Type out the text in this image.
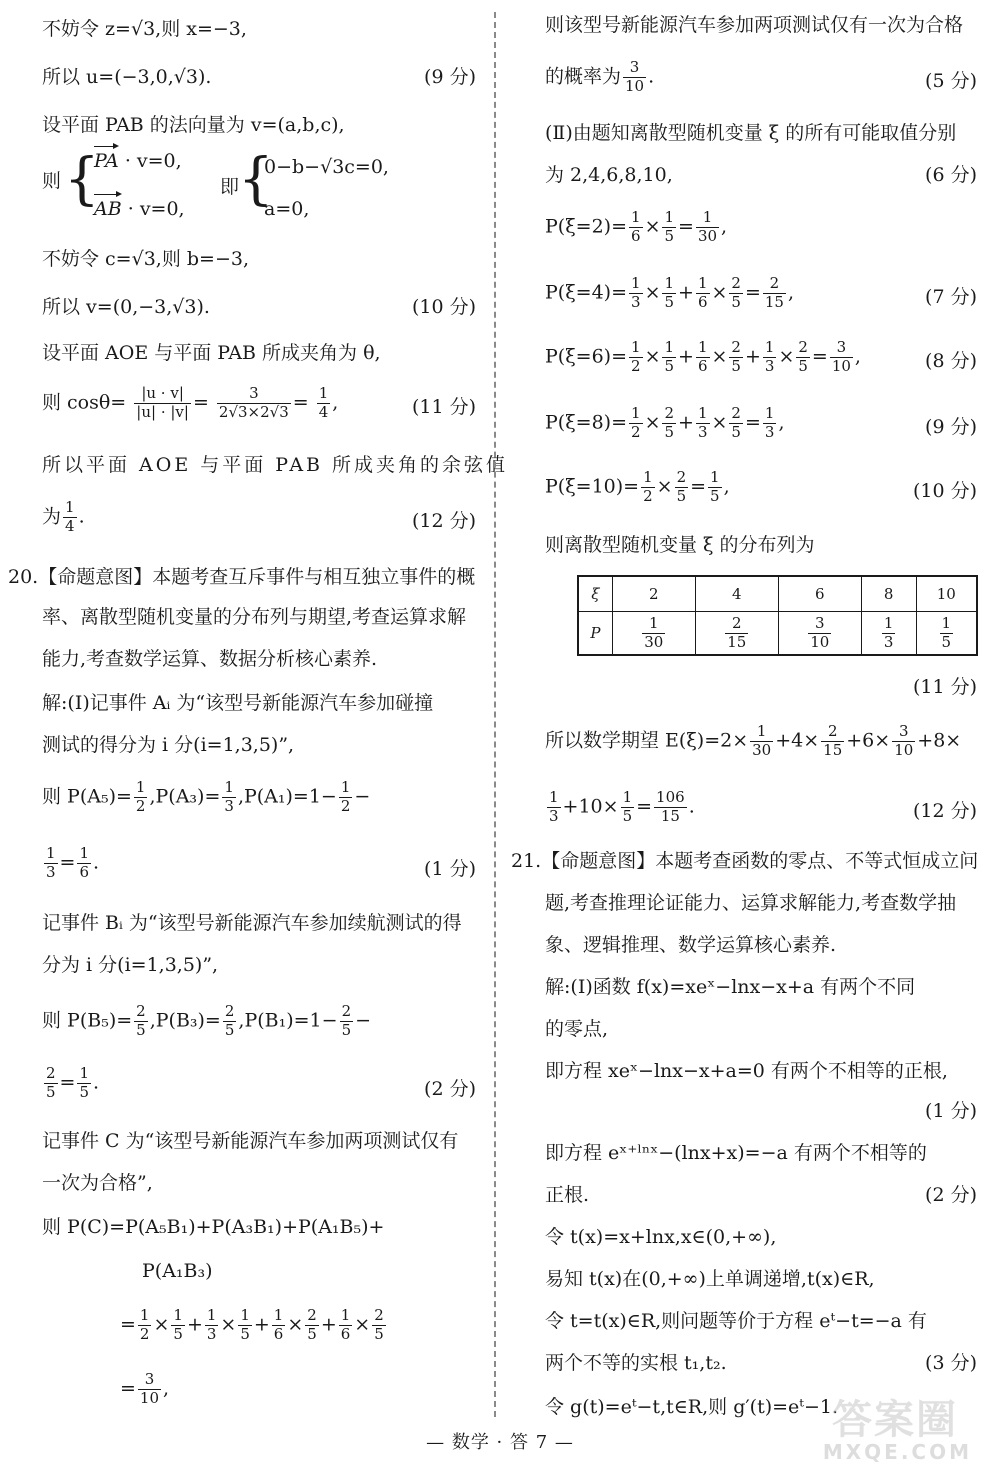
不妨令 z=√3,则 x=−3,
所以 u=(−3,0,√3).	(9 分)
设平面 PAB 的法向量为 v=(a,b,c),
则 {
PA · v=0,
AB · v=0,
即
{
0−b−√3c=0,
a=0,
不妨令 c=√3,则 b=−3,
所以 v=(0,−3,√3).	(10 分)
设平面 AOE 与平面 PAB 所成夹角为 θ,
则 $\cos\theta= \frac{|u \cdot v|}{|u| \cdot |v|} = \frac{3}{2√3\times 2√3} = \frac{1}{4}$ ,	(11 分)
所以平面 AOE 与平面 PAB 所成夹角的余弦值
为 $\frac{1}{4}$ .	(12 分)
20.【命题意图】本题考查互斥事件与相互独立事件的概
率、离散型随机变量的分布列与期望,考查运算求解
能力,考查数学运算、数据分析核心素养.
解:(Ⅰ)记事件 Aᵢ 为“该型号新能源汽车参加碰撞
测试的得分为 i 分(i=1,3,5)”,
则 $P(A_5)= \frac{1}{2} ,P(A_3)= \frac{1}{3} ,P(A_1)=1- \frac{1}{2}$ −
$\frac{1}{3} = \frac{1}{6}$ .	(1 分)
记事件 Bᵢ 为“该型号新能源汽车参加续航测试的得
分为 i 分(i=1,3,5)”,
则 $P(B_5)= \frac{2}{5} ,P(B_3)= \frac{2}{5} ,P(B_1)=1- \frac{2}{5}$ −
$\frac{2}{5} = \frac{1}{5}$ .	(2 分)
记事件 C 为“该型号新能源汽车参加两项测试仅有
一次为合格”,
则 P(C)=P(A₅B₁)+P(A₃B₁)+P(A₁B₅)+
P(A₁B₃)
= $\frac{1}{2} \times \frac{1}{5} + \frac{1}{3} \times \frac{1}{5} + \frac{1}{6} \times \frac{2}{5} + \frac{1}{6} \times \frac{2}{5}$
= $\frac{3}{10}$ ,
则该型号新能源汽车参加两项测试仅有一次为合格
的概率为 $\frac{3}{10}$ .	(5 分)
(Ⅱ)由题知离散型随机变量 ξ 的所有可能取值分别
为 2,4,6,8,10,	(6 分)
$P(\xi=2)= \frac{1}{6} \times \frac{1}{5} = \frac{1}{30}$ ,
$P(\xi=4)= \frac{1}{3} \times \frac{1}{5} + \frac{1}{6} \times \frac{2}{5} = \frac{2}{15}$ ,	(7 分)
$P(\xi=6)= \frac{1}{2} \times \frac{1}{5} + \frac{1}{6} \times \frac{2}{5} + \frac{1}{3} \times \frac{2}{5} = \frac{3}{10}$ ,	(8 分)
$P(\xi=8)= \frac{1}{2} \times \frac{2}{5} + \frac{1}{3} \times \frac{2}{5} = \frac{1}{3}$ ,	(9 分)
$P(\xi=10)= \frac{1}{2} \times \frac{2}{5} = \frac{1}{5}$ ,	(10 分)
则离散型随机变量 ξ 的分布列为
ξ	2	4	6	8	10
P	$\frac{1}{30}$	$\frac{2}{15}$	$\frac{3}{10}$	$\frac{1}{3}$	$\frac{1}{5}$
(11 分)
所以数学期望 $E(\xi)=2\times \frac{1}{30} +4\times \frac{2}{15} +6\times \frac{3}{10} +8\times$
$\frac{1}{3} +10\times \frac{1}{5} = \frac{106}{15}$ .	(12 分)
21.【命题意图】本题考查函数的零点、不等式恒成立问
题,考查推理论证能力、运算求解能力,考查数学抽
象、逻辑推理、数学运算核心素养.
解:(Ⅰ)函数 f(x)=xeˣ−lnx−x+a 有两个不同
的零点,
即方程 xeˣ−lnx−x+a=0 有两个不相等的正根,
(1 分)
即方程 eˣ⁺ˡⁿˣ−(lnx+x)=−a 有两个不相等的
正根.	(2 分)
令 t(x)=x+lnx,x∈(0,+∞),
易知 t(x)在(0,+∞)上单调递增,t(x)∈R,
令 t=t(x)∈R,则问题等价于方程 eᵗ−t=−a 有
两个不等的实根 t₁,t₂.	(3 分)
令 g(t)=eᵗ−t,t∈R,则 g′(t)=eᵗ−1.
— 数学 · 答 7 —	答案圈
MXQE.COM
